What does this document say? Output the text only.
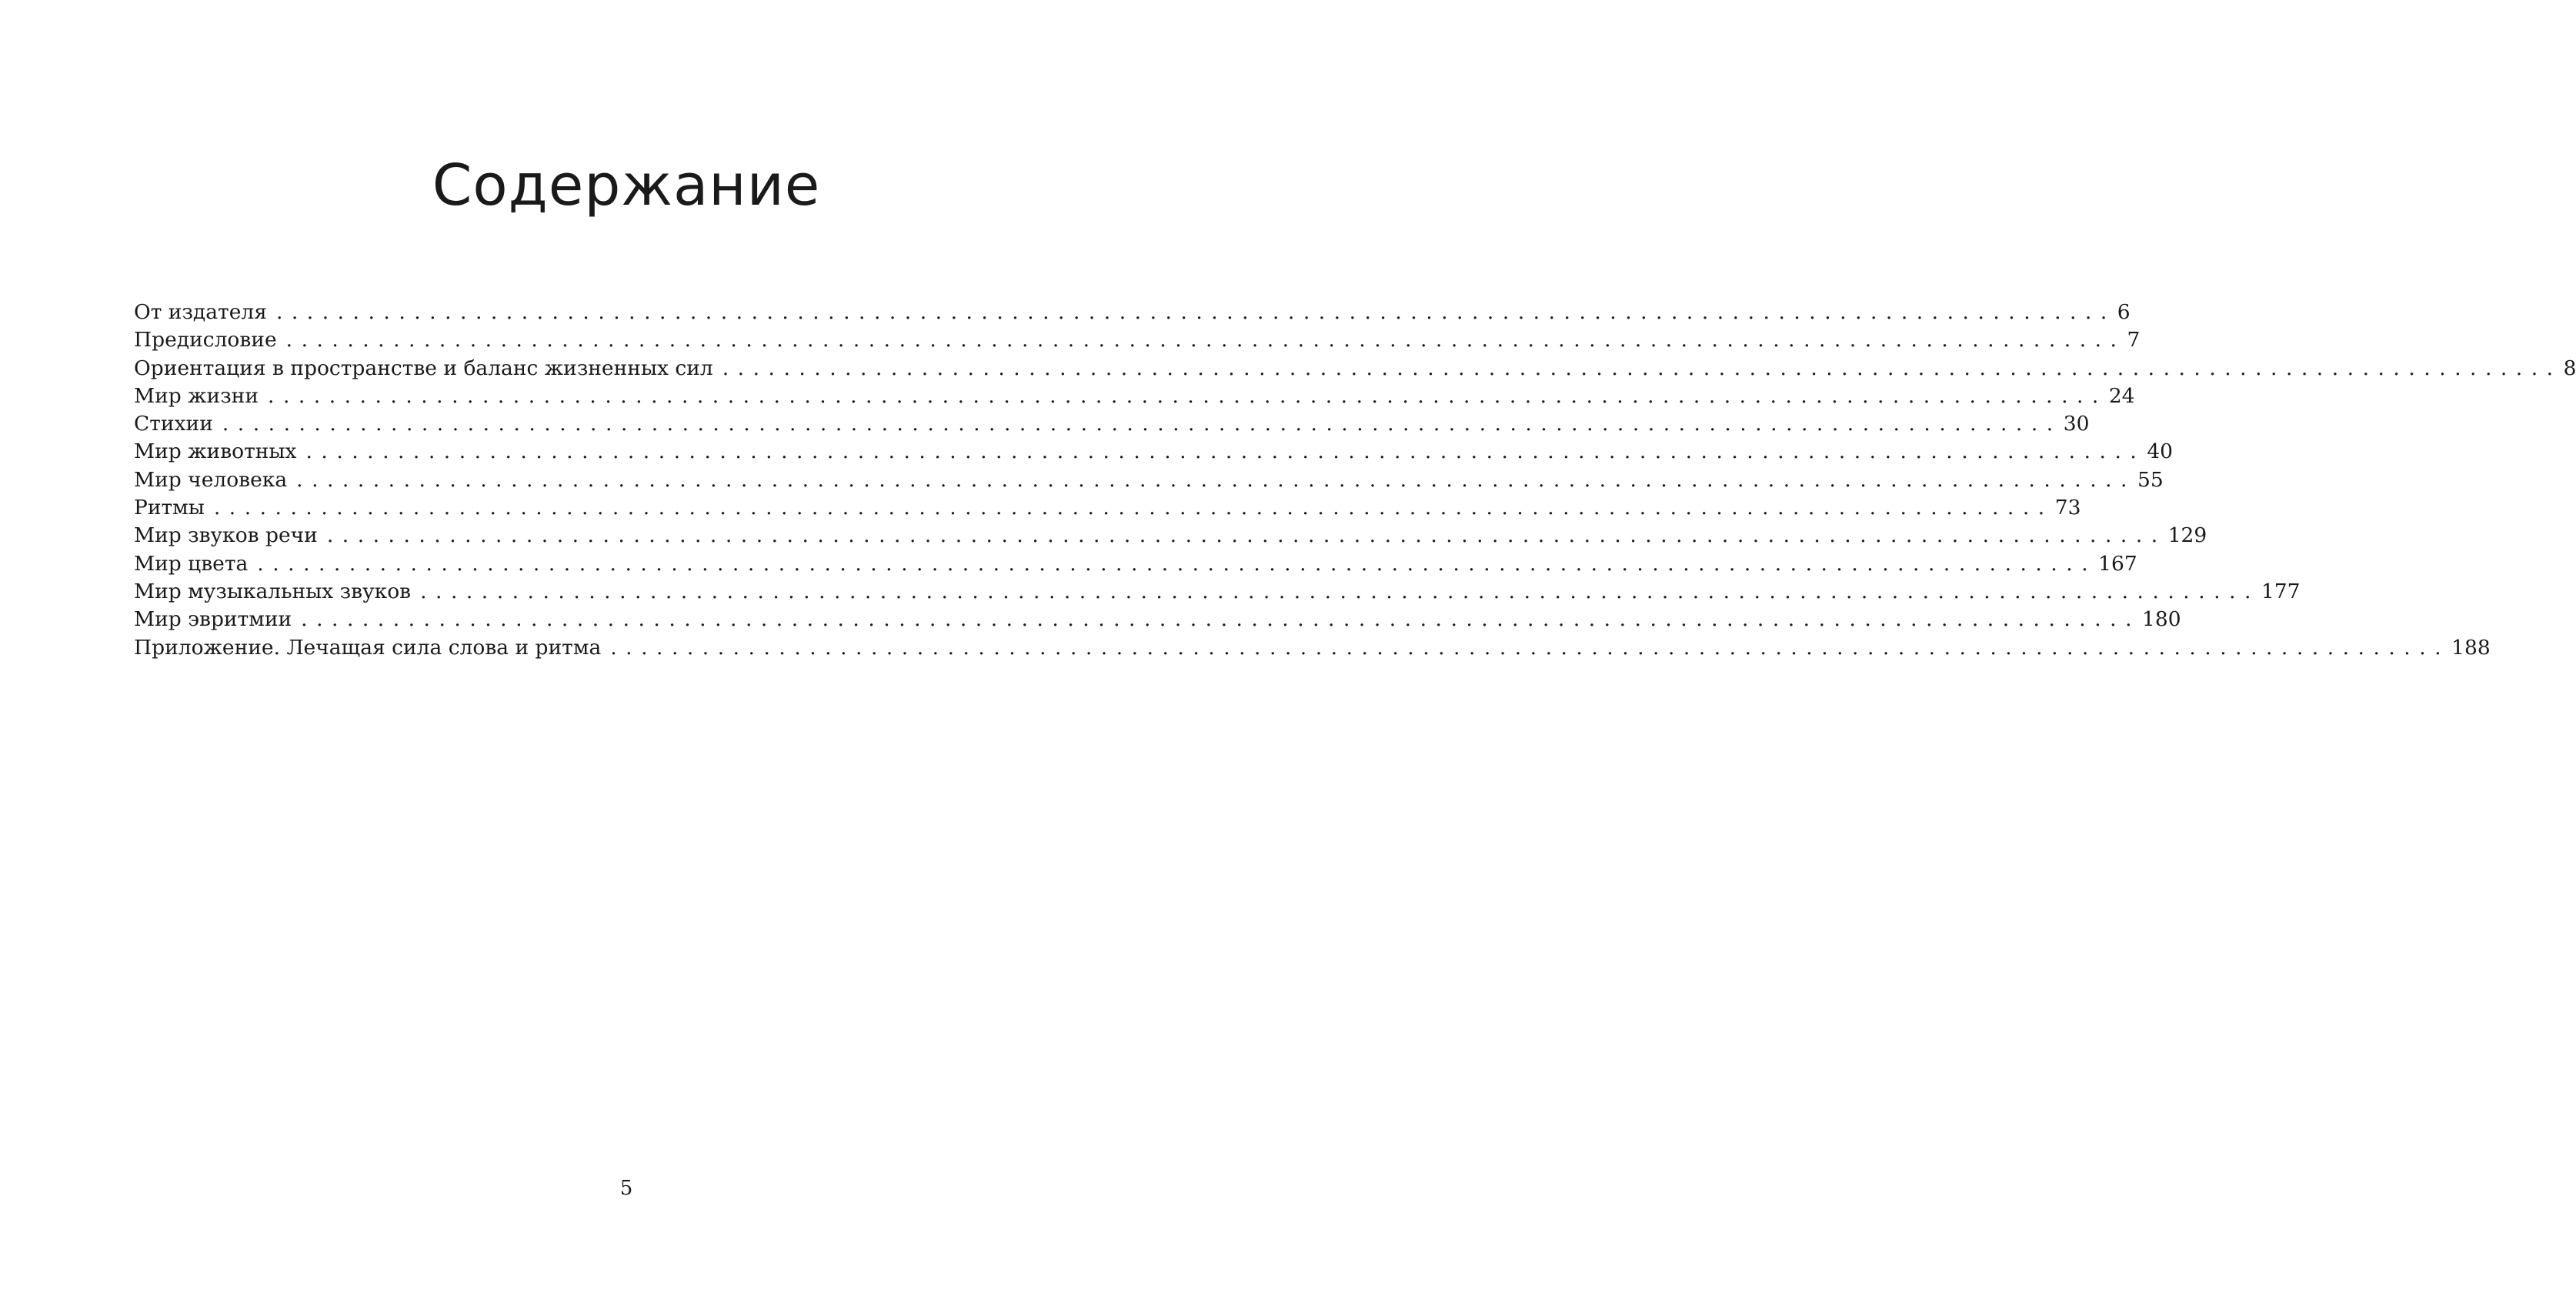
Содержание
От издателя ........................................................................................................................ 6
Предисловие ........................................................................................................................ 7
Ориентация в пространстве и баланс жизненных сил ........................................................................................................................ 8
Мир жизни ........................................................................................................................ 24
Стихии ........................................................................................................................ 30
Мир животных ........................................................................................................................ 40
Мир человека ........................................................................................................................ 55
Ритмы ........................................................................................................................ 73
Мир звуков речи ........................................................................................................................ 129
Мир цвета ........................................................................................................................ 167
Мир музыкальных звуков ........................................................................................................................ 177
Мир эвритмии ........................................................................................................................ 180
Приложение. Лечащая сила слова и ритма ........................................................................................................................ 188
5
